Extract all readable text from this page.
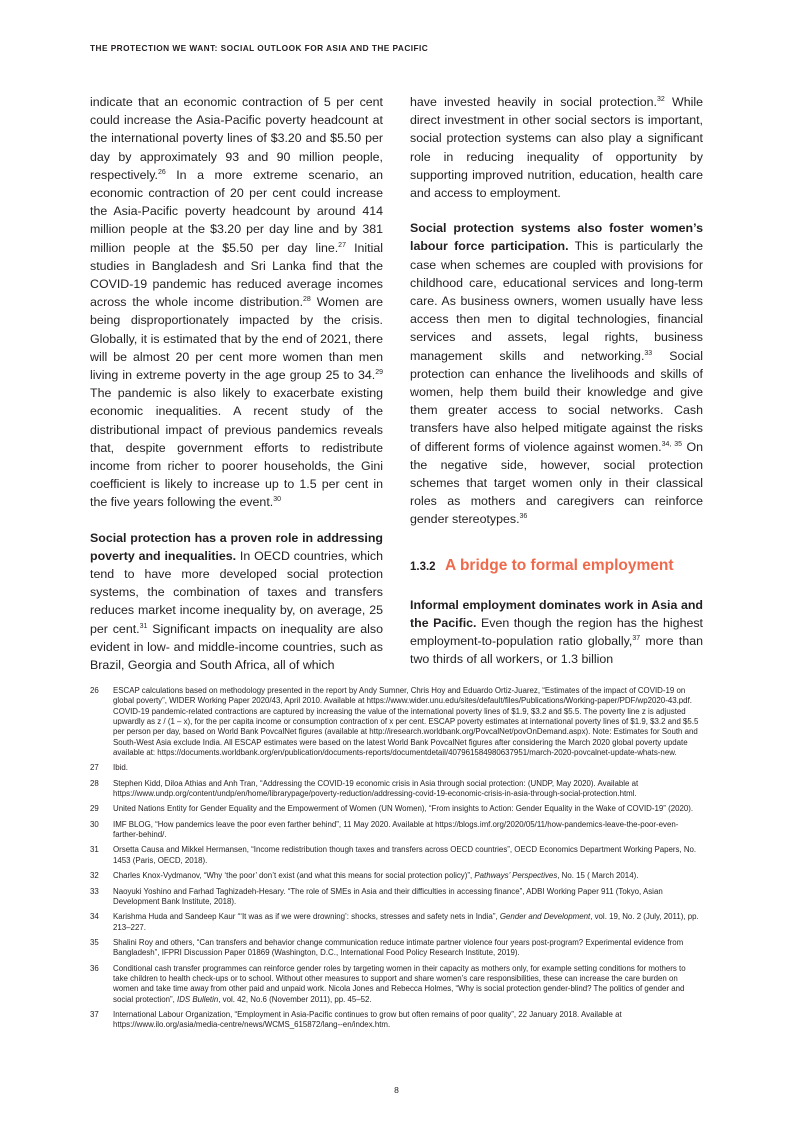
THE PROTECTION WE WANT: SOCIAL OUTLOOK FOR ASIA AND THE PACIFIC

indicate that an economic contraction of 5 per cent could increase the Asia-Pacific poverty headcount at the international poverty lines of $3.20 and $5.50 per day by approximately 93 and 90 million people, respectively.$^{26}$ In a more extreme scenario, an economic contraction of 20 per cent could increase the Asia-Pacific poverty headcount by around 414 million people at the $3.20 per day line and by 381 million people at the $5.50 per day line.$^{27}$ Initial studies in Bangladesh and Sri Lanka find that the COVID-19 pandemic has reduced average incomes across the whole income distribution.$^{28}$ Women are being disproportionately impacted by the crisis. Globally, it is estimated that by the end of 2021, there will be almost 20 per cent more women than men living in extreme poverty in the age group 25 to 34.29 The pandemic is also likely to exacerbate existing economic inequalities. A recent study of the distributional impact of previous pandemics reveals that, despite government efforts to redistribute income from richer to poorer households, the Gini coefficient is likely to increase up to 1.5 per cent in the five years following the event.$^{30}$

Social protection has a proven role in addressing poverty and inequalities. In OECD countries, which tend to have more developed social protection systems, the combination of taxes and transfers reduces market income inequality by, on average, 25 per cent.$^{31}$ Significant impacts on inequality are also evident in low- and middle-income countries, such as Brazil, Georgia and South Africa, all of which

have invested heavily in social protection.$^{32}$ While direct investment in other social sectors is important, social protection systems can also play a significant role in reducing inequality of opportunity by supporting improved nutrition, education, health care and access to employment.

Social protection systems also foster women’s labour force participation. This is particularly the case when schemes are coupled with provisions for childhood care, educational services and long-term care. As business owners, women usually have less access then men to digital technologies, financial services and assets, legal rights, business management skills and networking.$^{33}$ Social protection can enhance the livelihoods and skills of women, help them build their knowledge and give them greater access to social networks. Cash transfers have also helped mitigate against the risks of different forms of violence against women.$^{34, 35}$ On the negative side, however, social protection schemes that target women only in their classical roles as mothers and caregivers can reinforce gender stereotypes.$^{36}$

1.3.2 A bridge to formal employment

Informal employment dominates work in Asia and the Pacific. Even though the region has the highest employment-to-population ratio globally,$^{37}$ more than two thirds of all workers, or 1.3 billion

26	ESCAP calculations based on methodology presented in the report by Andy Sumner, Chris Hoy and Eduardo Ortiz-Juarez, “Estimates of the impact of COVID-19 on global poverty”, WIDER Working Paper 2020/43, April 2010. Available at https://www.wider.unu.edu/sites/default/files/Publications/Working-paper/PDF/wp2020-43.pdf. COVID-19 pandemic-related contractions are captured by increasing the value of the international poverty lines of $1.9, $3.2 and $5.5. The poverty line z is adjusted upwardly as z / (1 – x), for the per capita income or consumption contraction of x per cent. ESCAP poverty estimates at international poverty lines of $1.9, $3.2 and $5.5 per person per day, based on World Bank PovcalNet figures (available at http://iresearch.worldbank.org/PovcalNet/povOnDemand.aspx). Note: Estimates for South and South-West Asia exclude India. All ESCAP estimates were based on the latest World Bank PovcalNet figures after considering the March 2020 global poverty update available at: https://documents.worldbank.org/en/publication/documents-reports/documentdetail/407961584980637951/march-2020-povcalnet-update-whats-new.
27	Ibid.
28	Stephen Kidd, Diloa Athias and Anh Tran, “Addressing the COVID-19 economic crisis in Asia through social protection: (UNDP, May 2020). Available at https://www.undp.org/content/undp/en/home/librarypage/poverty-reduction/addressing-covid-19-economic-crisis-in-asia-through-social-protection.html.
29	United Nations Entity for Gender Equality and the Empowerment of Women (UN Women), “From insights to Action: Gender Equality in the Wake of COVID-19” (2020).
30	IMF BLOG, “How pandemics leave the poor even farther behind”, 11 May 2020. Available at https://blogs.imf.org/2020/05/11/how-pandemics-leave-the-poor-even-farther-behind/.
31	Orsetta Causa and Mikkel Hermansen, “Income redistribution though taxes and transfers across OECD countries”, OECD Economics Department Working Papers, No. 1453 (Paris, OECD, 2018).
32	Charles Knox-Vydmanov, “Why ‘the poor’ don’t exist (and what this means for social protection policy)”, Pathways’ Perspectives, No. 15 ( March 2014).
33	Naoyuki Yoshino and Farhad Taghizadeh-Hesary. “The role of SMEs in Asia and their difficulties in accessing finance”, ADBI Working Paper 911 (Tokyo, Asian Development Bank Institute, 2018).
34	Karishma Huda and Sandeep Kaur “‘It was as if we were drowning’: shocks, stresses and safety nets in India”, Gender and Development, vol. 19, No. 2 (July, 2011), pp. 213–227.
35	Shalini Roy and others, “Can transfers and behavior change communication reduce intimate partner violence four years post-program? Experimental evidence from Bangladesh”, IFPRI Discussion Paper 01869 (Washington, D.C., International Food Policy Research Institute, 2019).
36	Conditional cash transfer programmes can reinforce gender roles by targeting women in their capacity as mothers only, for example setting conditions for mothers to take children to health check-ups or to school. Without other measures to support and share women’s care responsibilities, these can increase the care burden on women and take time away from other paid and unpaid work. Nicola Jones and Rebecca Holmes, “Why is social protection gender-blind? The politics of gender and social protection”, IDS Bulletin, vol. 42, No.6 (November 2011), pp. 45–52.
37	International Labour Organization, “Employment in Asia-Pacific continues to grow but often remains of poor quality”, 22 January 2018. Available at https://www.ilo.org/asia/media-centre/news/WCMS_615872/lang--en/index.htm.
8
